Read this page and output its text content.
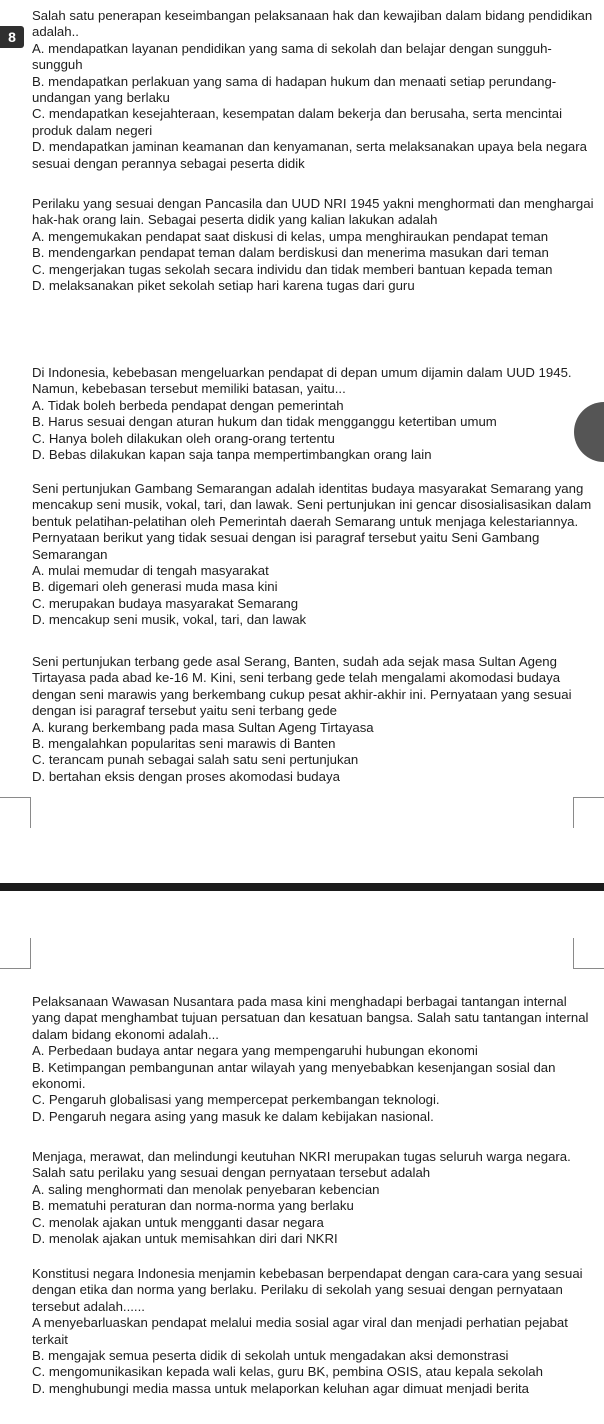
8

Salah satu penerapan keseimbangan pelaksanaan hak dan kewajiban dalam bidang pendidikan adalah..

A. mendapatkan layanan pendidikan yang sama di sekolah dan belajar dengan sungguh-sungguh

B. mendapatkan perlakuan yang sama di hadapan hukum dan menaati setiap perundang-undangan yang berlaku

C. mendapatkan kesejahteraan, kesempatan dalam bekerja dan berusaha, serta mencintai produk dalam negeri

D. mendapatkan jaminan keamanan dan kenyamanan, serta melaksanakan upaya bela negara sesuai dengan perannya sebagai peserta didik

Perilaku yang sesuai dengan Pancasila dan UUD NRI 1945 yakni menghormati dan menghargai hak-hak orang lain. Sebagai peserta didik yang kalian lakukan adalah

A. mengemukakan pendapat saat diskusi di kelas, umpa menghiraukan pendapat teman

B. mendengarkan pendapat teman dalam berdiskusi dan menerima masukan dari teman

C. mengerjakan tugas sekolah secara individu dan tidak memberi bantuan kepada teman

D. melaksanakan piket sekolah setiap hari karena tugas dari guru

Di Indonesia, kebebasan mengeluarkan pendapat di depan umum dijamin dalam UUD 1945. Namun, kebebasan tersebut memiliki batasan, yaitu...

A. Tidak boleh berbeda pendapat dengan pemerintah

B. Harus sesuai dengan aturan hukum dan tidak mengganggu ketertiban umum

C. Hanya boleh dilakukan oleh orang-orang tertentu

D. Bebas dilakukan kapan saja tanpa mempertimbangkan orang lain

Seni pertunjukan Gambang Semarangan adalah identitas budaya masyarakat Semarang yang mencakup seni musik, vokal, tari, dan lawak. Seni pertunjukan ini gencar disosialisasikan dalam bentuk pelatihan-pelatihan oleh Pemerintah daerah Semarang untuk menjaga kelestariannya. Pernyataan berikut yang tidak sesuai dengan isi paragraf tersebut yaitu Seni Gambang Semarangan

A. mulai memudar di tengah masyarakat

B. digemari oleh generasi muda masa kini

C. merupakan budaya masyarakat Semarang

D. mencakup seni musik, vokal, tari, dan lawak

Seni pertunjukan terbang gede asal Serang, Banten, sudah ada sejak masa Sultan Ageng Tirtayasa pada abad ke-16 M. Kini, seni terbang gede telah mengalami akomodasi budaya dengan seni marawis yang berkembang cukup pesat akhir-akhir ini. Pernyataan yang sesuai dengan isi paragraf tersebut yaitu seni terbang gede

A. kurang berkembang pada masa Sultan Ageng Tirtayasa

B. mengalahkan popularitas seni marawis di Banten

C. terancam punah sebagai salah satu seni pertunjukan

D. bertahan eksis dengan proses akomodasi budaya

Pelaksanaan Wawasan Nusantara pada masa kini menghadapi berbagai tantangan internal yang dapat menghambat tujuan persatuan dan kesatuan bangsa. Salah satu tantangan internal dalam bidang ekonomi adalah...

A. Perbedaan budaya antar negara yang mempengaruhi hubungan ekonomi

B. Ketimpangan pembangunan antar wilayah yang menyebabkan kesenjangan sosial dan ekonomi.

C. Pengaruh globalisasi yang mempercepat perkembangan teknologi.

D. Pengaruh negara asing yang masuk ke dalam kebijakan nasional.

Menjaga, merawat, dan melindungi keutuhan NKRI merupakan tugas seluruh warga negara. Salah satu perilaku yang sesuai dengan pernyataan tersebut adalah

A. saling menghormati dan menolak penyebaran kebencian

B. mematuhi peraturan dan norma-norma yang berlaku

C. menolak ajakan untuk mengganti dasar negara

D. menolak ajakan untuk memisahkan diri dari NKRI

Konstitusi negara Indonesia menjamin kebebasan berpendapat dengan cara-cara yang sesuai dengan etika dan norma yang berlaku. Perilaku di sekolah yang sesuai dengan pernyataan tersebut adalah......

A menyebarluaskan pendapat melalui media sosial agar viral dan menjadi perhatian pejabat terkait

B. mengajak semua peserta didik di sekolah untuk mengadakan aksi demonstrasi

C. mengomunikasikan kepada wali kelas, guru BK, pembina OSIS, atau kepala sekolah

D. menghubungi media massa untuk melaporkan keluhan agar dimuat menjadi berita
